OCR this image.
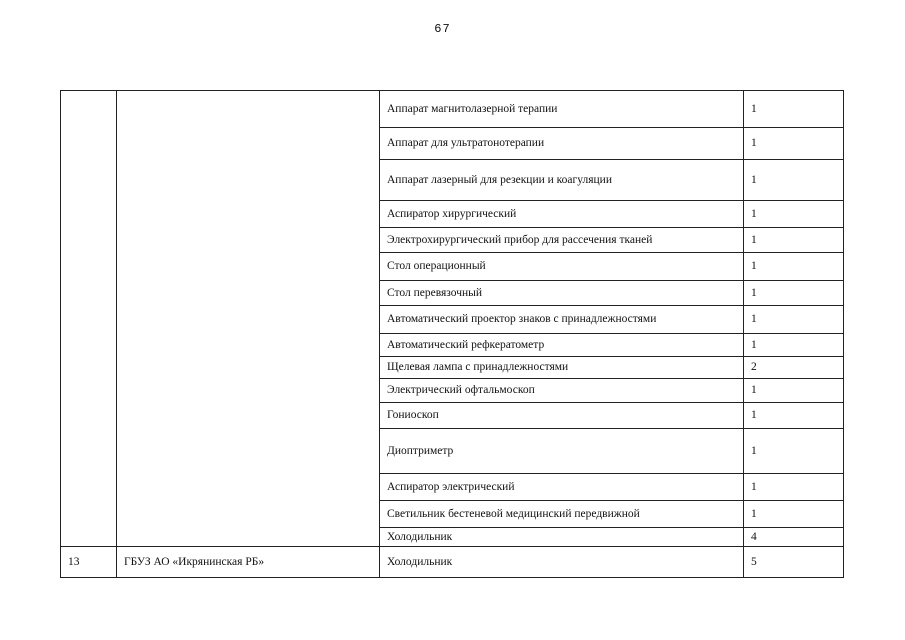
67
		Аппарат магнитолазерной терапии	1
		Аппарат для ультратонотерапии	1
		Аппарат лазерный для резекции и коагуляции	1
		Аспиратор хирургический	1
		Электрохирургический прибор для рассечения тканей	1
		Стол операционный	1
		Стол перевязочный	1
		Автоматический проектор знаков с принадлежностями	1
		Автоматический рефкератометр	1
		Щелевая лампа с принадлежностями	2
		Электрический офтальмоскоп	1
		Гониоскоп	1
		Диоптриметр	1
		Аспиратор электрический	1
		Светильник бестеневой медицинский передвижной	1
		Холодильник	4
13	ГБУЗ АО «Икрянинская РБ»	Холодильник	5
